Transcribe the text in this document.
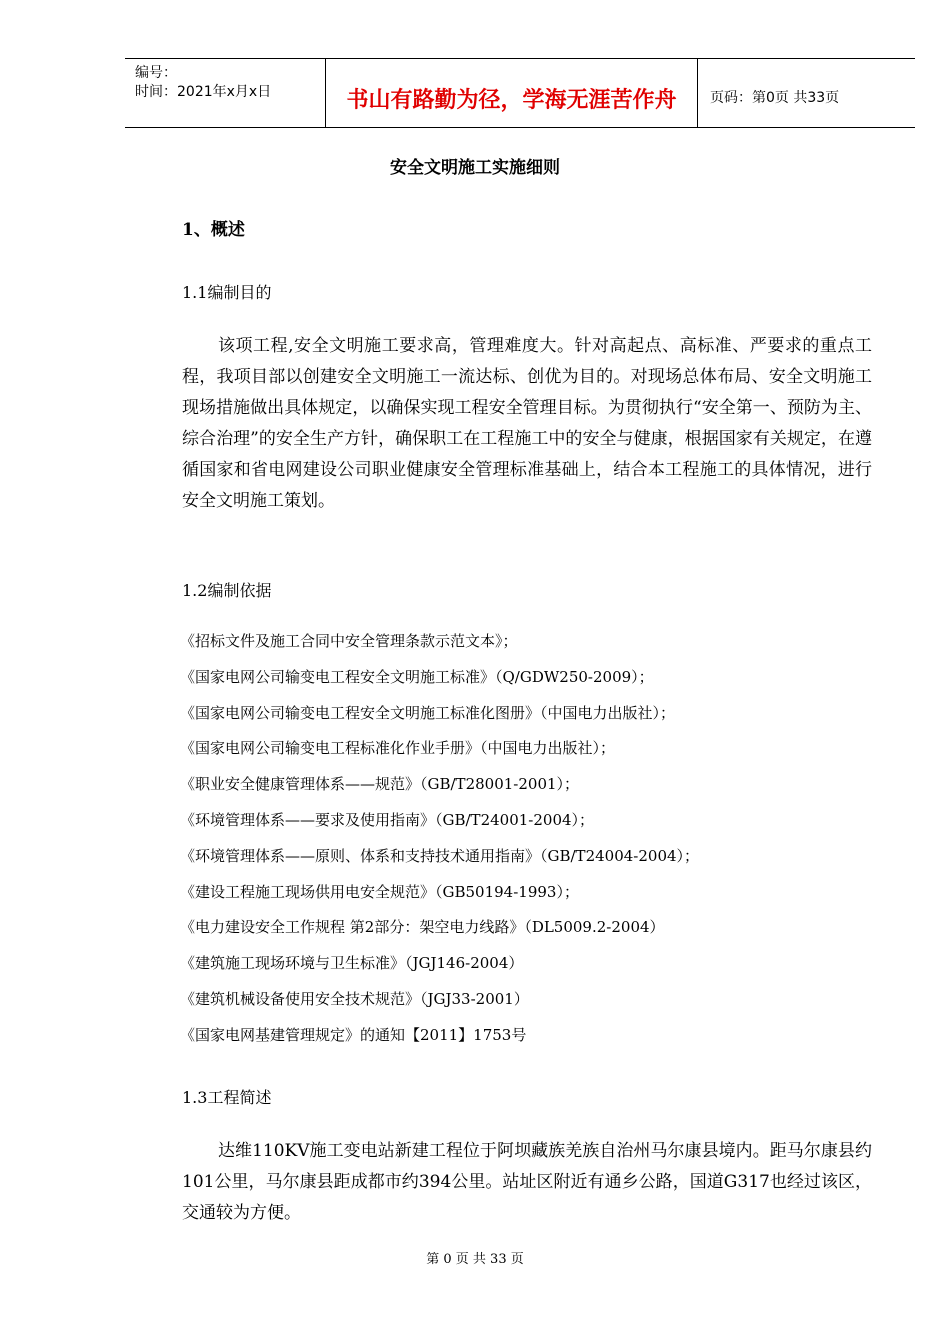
编号：
时间：2021年x月x日	书山有路勤为径，学海无涯苦作舟	页码：第0页 共33页
安全文明施工实施细则
1、概述
1.1编制目的
该项工程,安全文明施工要求高，管理难度大。针对高起点、高标准、严要求的重点工程，我项目部以创建安全文明施工一流达标、创优为目的。对现场总体布局、安全文明施工现场措施做出具体规定，以确保实现工程安全管理目标。为贯彻执行“安全第一、预防为主、综合治理”的安全生产方针，确保职工在工程施工中的安全与健康，根据国家有关规定，在遵循国家和省电网建设公司职业健康安全管理标准基础上，结合本工程施工的具体情况，进行安全文明施工策划。
1.2编制依据
《招标文件及施工合同中安全管理条款示范文本》；
《国家电网公司输变电工程安全文明施工标准》（Q/GDW250-2009）；
《国家电网公司输变电工程安全文明施工标准化图册》（中国电力出版社）；
《国家电网公司输变电工程标准化作业手册》（中国电力出版社）；
《职业安全健康管理体系——规范》（GB/T28001-2001）；
《环境管理体系——要求及使用指南》（GB/T24001-2004）；
《环境管理体系——原则、体系和支持技术通用指南》（GB/T24004-2004）；
《建设工程施工现场供用电安全规范》（GB50194-1993）；
《电力建设安全工作规程 第2部分：架空电力线路》（DL5009.2-2004）
《建筑施工现场环境与卫生标准》（JGJ146-2004）
《建筑机械设备使用安全技术规范》（JGJ33-2001）
《国家电网基建管理规定》的通知【2011】1753号
1.3工程简述
达维110KV施工变电站新建工程位于阿坝藏族羌族自治州马尔康县境内。距马尔康县约101公里，马尔康县距成都市约394公里。站址区附近有通乡公路，国道G317也经过该区，交通较为方便。
第 0 页 共 33 页
